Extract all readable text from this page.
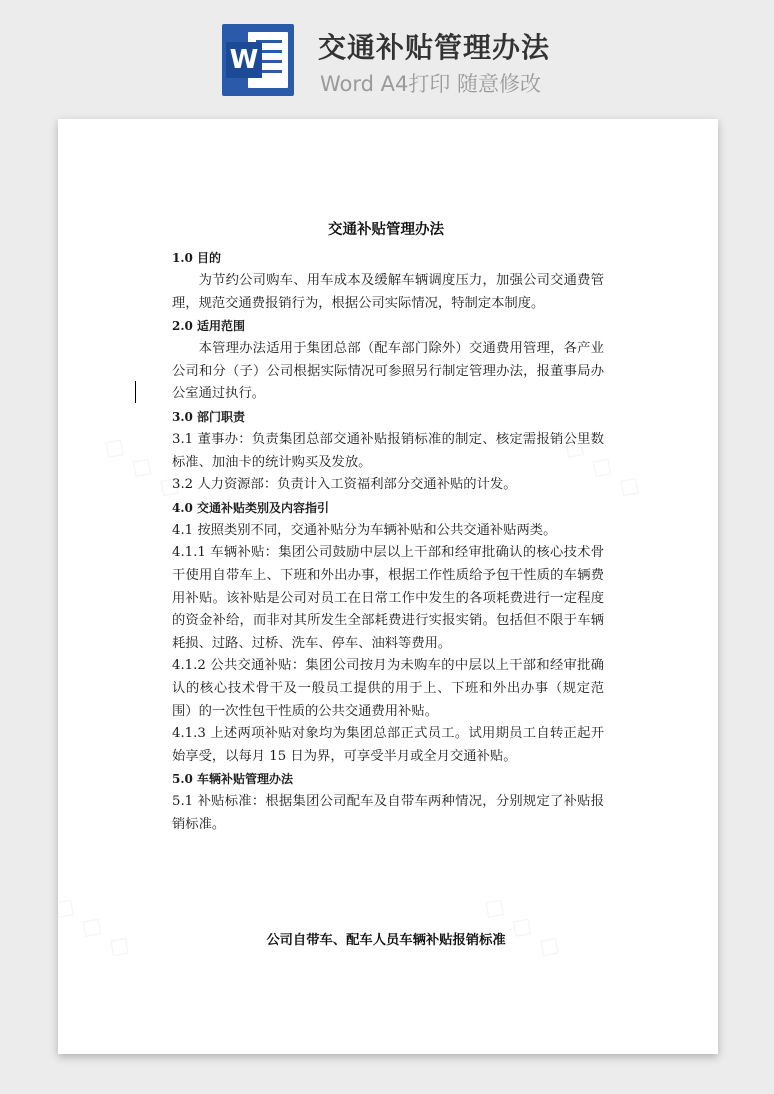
W 交通补贴管理办法
Word A4打印 随意修改
交通补贴管理办法

1.0 目的

为节约公司购车、用车成本及缓解车辆调度压力，加强公司交通费管理，规范交通费报销行为，根据公司实际情况，特制定本制度。

2.0 适用范围

本管理办法适用于集团总部（配车部门除外）交通费用管理，各产业公司和分（子）公司根据实际情况可参照另行制定管理办法，报董事局办公室通过执行。

3.0 部门职责

3.1 董事办：负责集团总部交通补贴报销标准的制定、核定需报销公里数标准、加油卡的统计购买及发放。

3.2 人力资源部：负责计入工资福利部分交通补贴的计发。

4.0 交通补贴类别及内容指引

4.1 按照类别不同，交通补贴分为车辆补贴和公共交通补贴两类。

4.1.1 车辆补贴：集团公司鼓励中层以上干部和经审批确认的核心技术骨干使用自带车上、下班和外出办事，根据工作性质给予包干性质的车辆费用补贴。该补贴是公司对员工在日常工作中发生的各项耗费进行一定程度的资金补给，而非对其所发生全部耗费进行实报实销。包括但不限于车辆耗损、过路、过桥、洗车、停车、油料等费用。

4.1.2 公共交通补贴：集团公司按月为未购车的中层以上干部和经审批确认的核心技术骨干及一般员工提供的用于上、下班和外出办事（规定范围）的一次性包干性质的公共交通费用补贴。

4.1.3 上述两项补贴对象均为集团总部正式员工。试用期员工自转正起开始享受，以每月 15 日为界，可享受半月或全月交通补贴。

5.0 车辆补贴管理办法

5.1 补贴标准：根据集团公司配车及自带车两种情况，分别规定了补贴报销标准。

公司自带车、配车人员车辆补贴报销标准
